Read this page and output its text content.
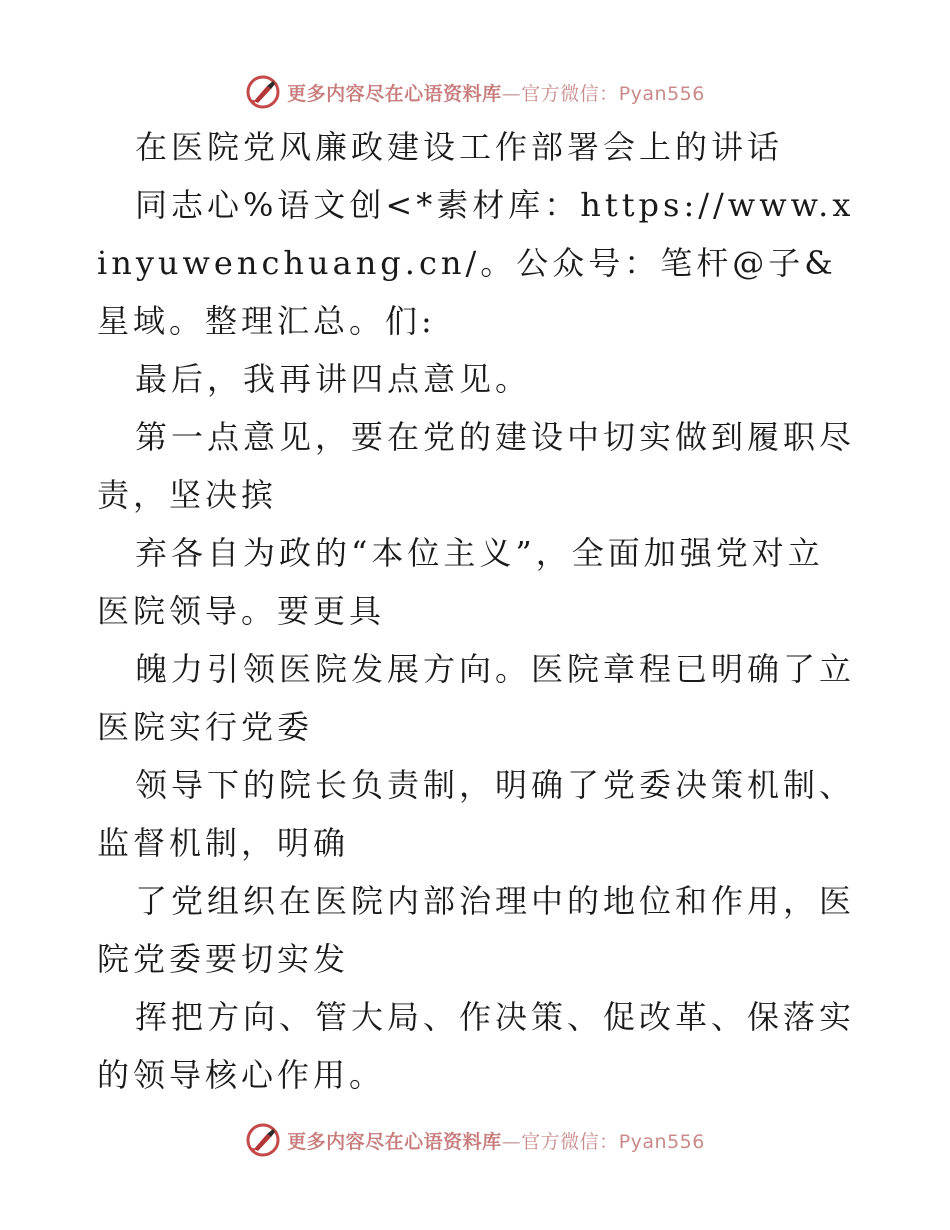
更多内容尽在心语资料库—官方微信：Pyan556

在医院党风廉政建设工作部署会上的讲话

同志心%语文创<*素材库：https://www.xinyuwenchuang.cn/。公众号：笔杆@子&星域。整理汇总。们:

最后，我再讲四点意见。

第一点意见，要在党的建设中切实做到履职尽责，坚决摈

弃各自为政的“本位主义”，全面加强党对立医院领导。要更具

魄力引领医院发展方向。医院章程已明确了立医院实行党委

领导下的院长负责制，明确了党委决策机制、监督机制，明确

了党组织在医院内部治理中的地位和作用，医院党委要切实发

挥把方向、管大局、作决策、促改革、保落实的领导核心作用。

更多内容尽在心语资料库—官方微信：Pyan556
